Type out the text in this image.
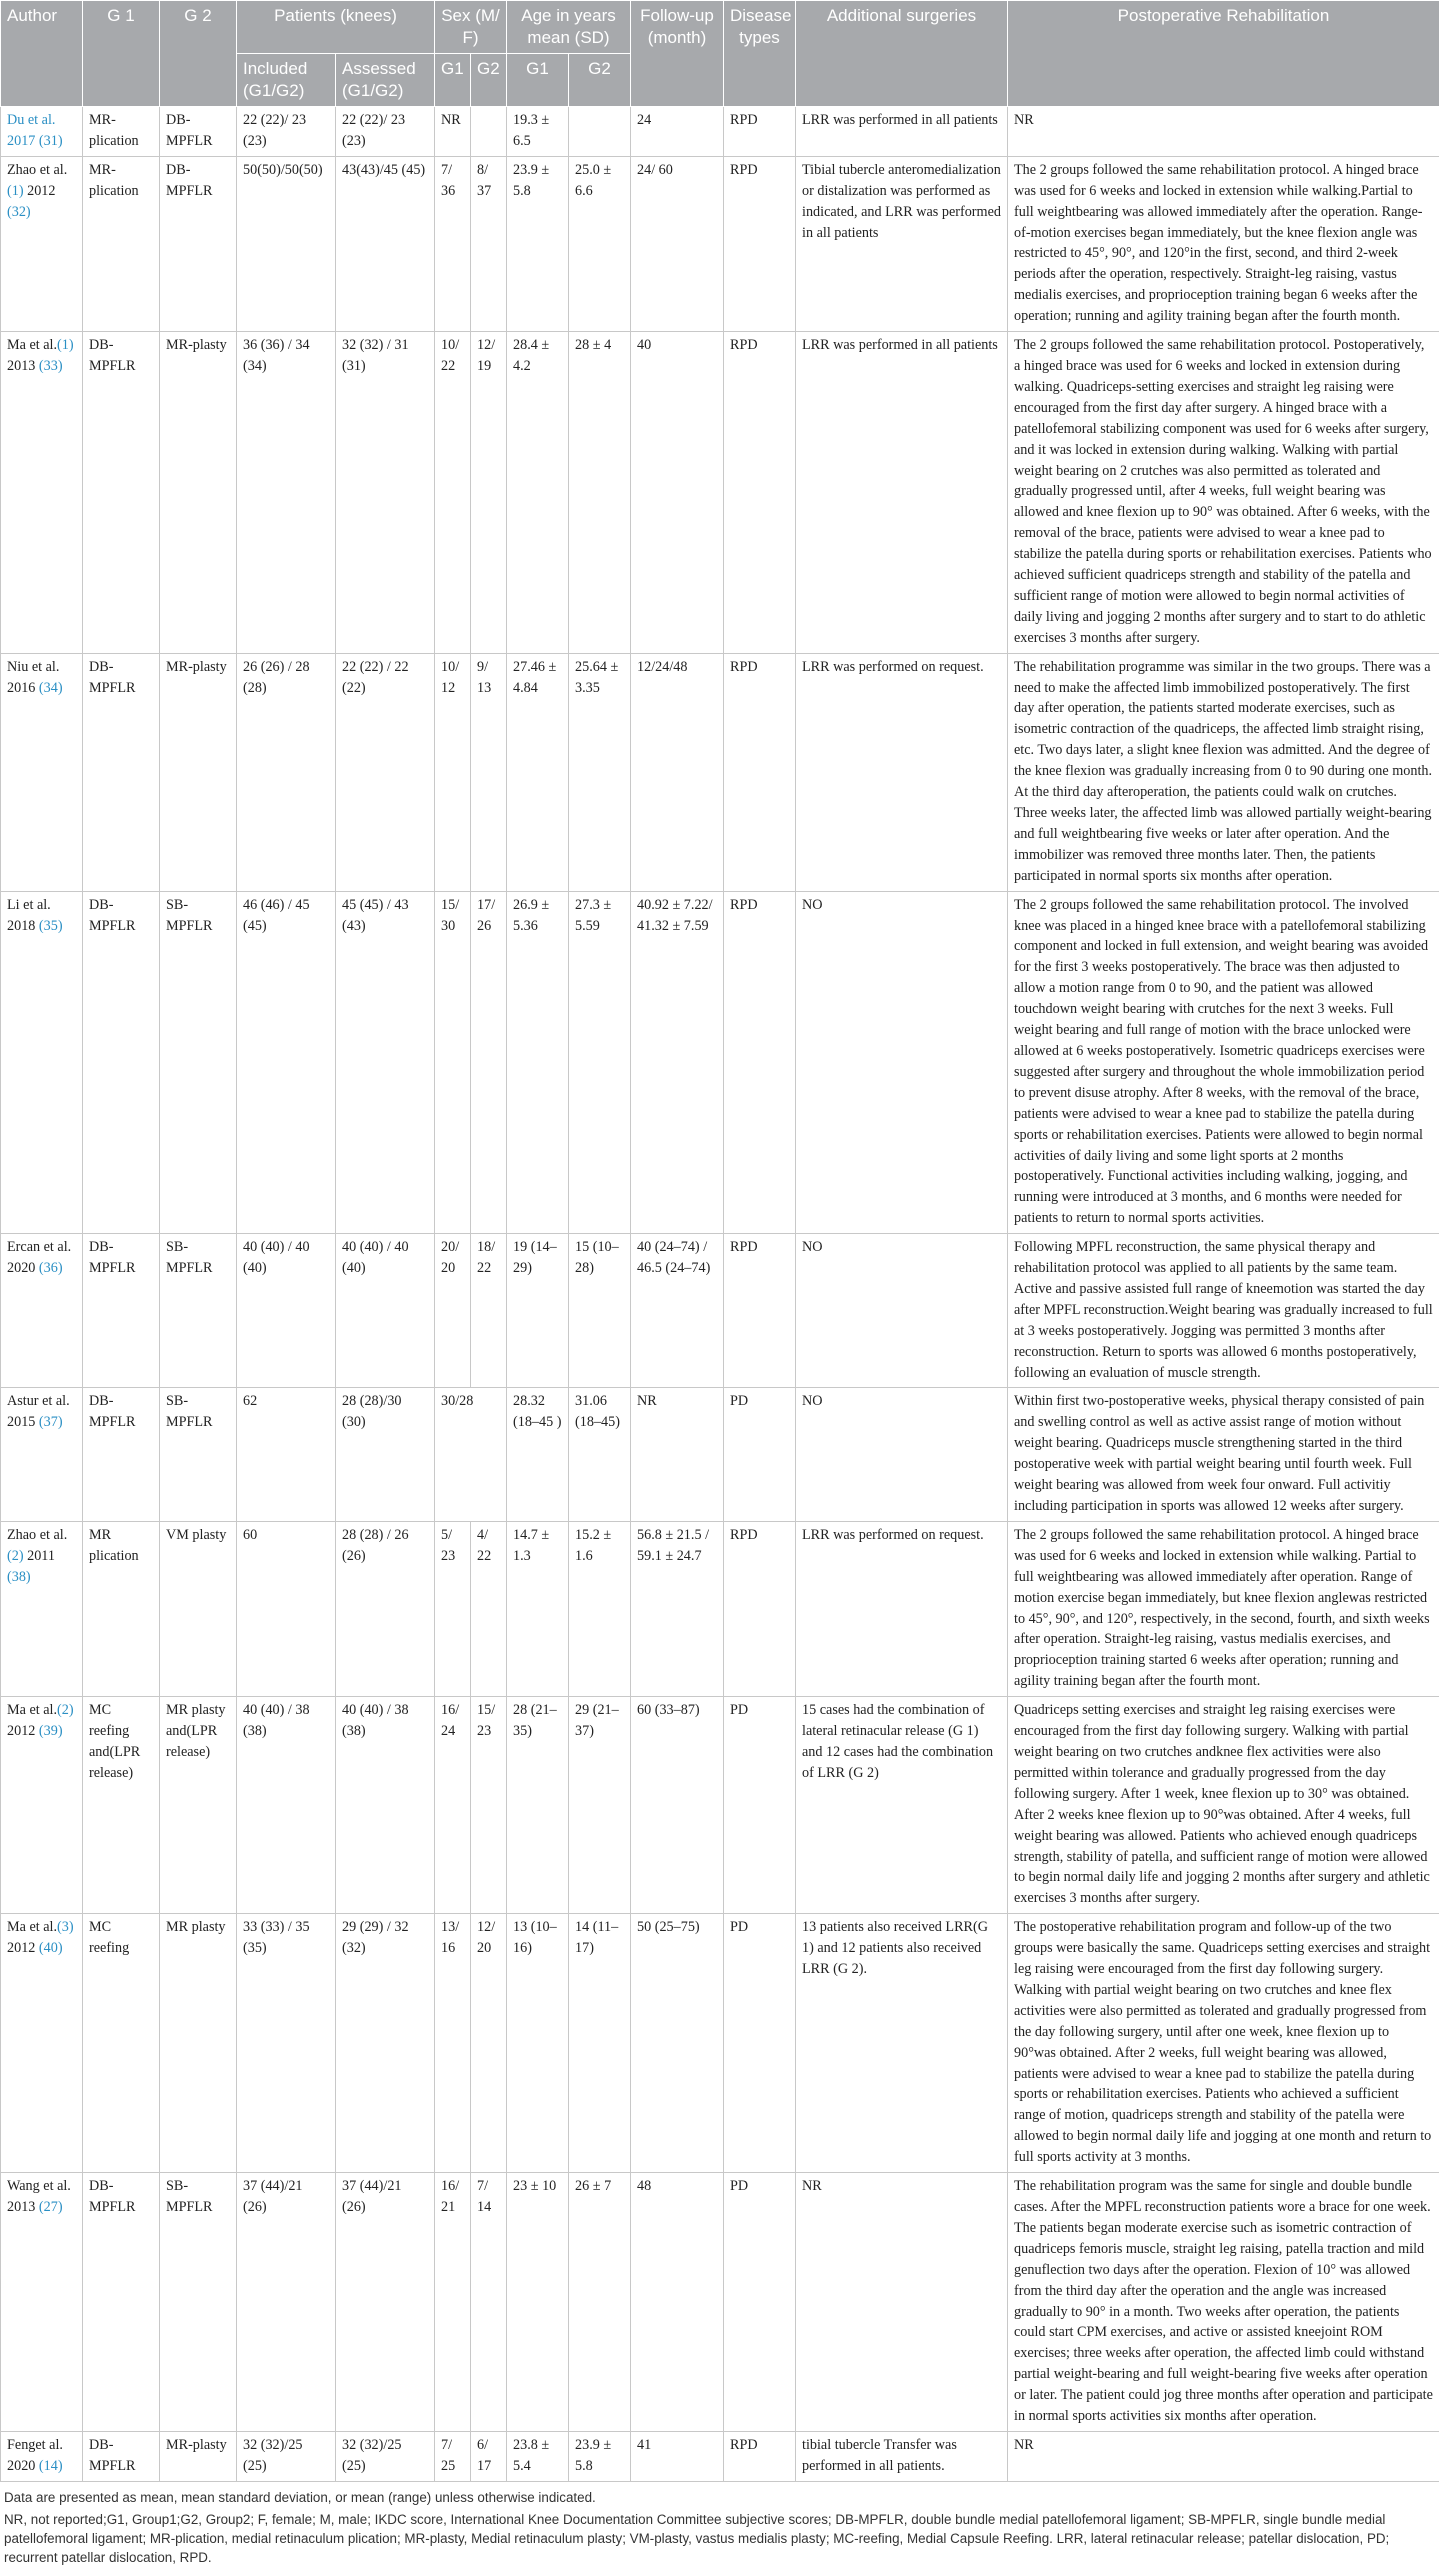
Author	G 1	G 2	Patients (knees)		Sex (M/ F)		Age in years mean (SD)		Follow-up (month)	Disease types	Additional surgeries	Postoperative Rehabilitation
			Included (G1/G2)	Assessed (G1/G2)	G1	G2	G1	G2				
Du et al. 2017 (31)	MR-plication	DB-MPFLR	22 (22)/ 23 (23)	22 (22)/ 23 (23)	NR		19.3 ± 6.5		24	RPD	LRR was performed in all patients	NR
Zhao et al.(1) 2012 (32)	MR-plication	DB-MPFLR	50(50)/50(50)	43(43)/45 (45)	7/ 36	8/ 37	23.9 ± 5.8	25.0 ± 6.6	24/ 60	RPD	Tibial tubercle anteromedialization or distalization was performed as indicated, and LRR was performed in all patients	The 2 groups followed the same rehabilitation protocol. A hinged brace was used for 6 weeks and locked in extension while walking.Partial to full weightbearing was allowed immediately after the operation. Range-of-motion exercises began immediately, but the knee flexion angle was restricted to 45°, 90°, and 120°in the first, second, and third 2-week periods after the operation, respectively. Straight-leg raising, vastus medialis exercises, and proprioception training began 6 weeks after the operation; running and agility training began after the fourth month.
Ma et al.(1) 2013 (33)	DB-MPFLR	MR-plasty	36 (36) / 34 (34)	32 (32) / 31 (31)	10/ 22	12/ 19	28.4 ± 4.2	28 ± 4	40	RPD	LRR was performed in all patients	The 2 groups followed the same rehabilitation protocol. Postoperatively, a hinged brace was used for 6 weeks and locked in extension during walking. Quadriceps-setting exercises and straight leg raising were encouraged from the first day after surgery. A hinged brace with a patellofemoral stabilizing component was used for 6 weeks after surgery, and it was locked in extension during walking. Walking with partial weight bearing on 2 crutches was also permitted as tolerated and gradually progressed until, after 4 weeks, full weight bearing was allowed and knee flexion up to 90° was obtained. After 6 weeks, with the removal of the brace, patients were advised to wear a knee pad to stabilize the patella during sports or rehabilitation exercises. Patients who achieved sufficient quadriceps strength and stability of the patella and sufficient range of motion were allowed to begin normal activities of daily living and jogging 2 months after surgery and to start to do athletic exercises 3 months after surgery.
Niu et al. 2016 (34)	DB-MPFLR	MR-plasty	26 (26) / 28 (28)	22 (22) / 22 (22)	10/ 12	9/ 13	27.46 ± 4.84	25.64 ± 3.35	12/24/48	RPD	LRR was performed on request.	The rehabilitation programme was similar in the two groups. There was a need to make the affected limb immobilized postoperatively. The first day after operation, the patients started moderate exercises, such as isometric contraction of the quadriceps, the affected limb straight rising, etc. Two days later, a slight knee flexion was admitted. And the degree of the knee flexion was gradually increasing from 0 to 90 during one month. At the third day afteroperation, the patients could walk on crutches. Three weeks later, the affected limb was allowed partially weight-bearing and full weightbearing five weeks or later after operation. And the immobilizer was removed three months later. Then, the patients participated in normal sports six months after operation.
Li et al. 2018 (35)	DB-MPFLR	SB-MPFLR	46 (46) / 45 (45)	45 (45) / 43 (43)	15/ 30	17/ 26	26.9 ± 5.36	27.3 ± 5.59	40.92 ± 7.22/ 41.32 ± 7.59	RPD	NO	The 2 groups followed the same rehabilitation protocol. The involved knee was placed in a hinged knee brace with a patellofemoral stabilizing component and locked in full extension, and weight bearing was avoided for the first 3 weeks postoperatively. The brace was then adjusted to allow a motion range from 0 to 90, and the patient was allowed touchdown weight bearing with crutches for the next 3 weeks. Full weight bearing and full range of motion with the brace unlocked were allowed at 6 weeks postoperatively. Isometric quadriceps exercises were suggested after surgery and throughout the whole immobilization period to prevent disuse atrophy. After 8 weeks, with the removal of the brace, patients were advised to wear a knee pad to stabilize the patella during sports or rehabilitation exercises. Patients were allowed to begin normal activities of daily living and some light sports at 2 months postoperatively. Functional activities including walking, jogging, and running were introduced at 3 months, and 6 months were needed for patients to return to normal sports activities.
Ercan et al. 2020 (36)	DB-MPFLR	SB-MPFLR	40 (40) / 40 (40)	40 (40) / 40 (40)	20/ 20	18/ 22	19 (14–29)	15 (10–28)	40 (24–74) / 46.5 (24–74)	RPD	NO	Following MPFL reconstruction, the same physical therapy and rehabilitation protocol was applied to all patients by the same team. Active and passive assisted full range of kneemotion was started the day after MPFL reconstruction.Weight bearing was gradually increased to full at 3 weeks postoperatively. Jogging was permitted 3 months after reconstruction. Return to sports was allowed 6 months postoperatively, following an evaluation of muscle strength.
Astur et al. 2015 (37)	DB-MPFLR	SB-MPFLR	62	28 (28)/30 (30)	30/28		28.32 (18–45 )	31.06 (18–45)	NR	PD	NO	Within first two-postoperative weeks, physical therapy consisted of pain and swelling control as well as active assist range of motion without weight bearing. Quadriceps muscle strengthening started in the third postoperative week with partial weight bearing until fourth week. Full weight bearing was allowed from week four onward. Full activitiy including participation in sports was allowed 12 weeks after surgery.
Zhao et al.(2) 2011 (38)	MR plication	VM plasty	60	28 (28) / 26 (26)	5/ 23	4/ 22	14.7 ± 1.3	15.2 ± 1.6	56.8 ± 21.5 / 59.1 ± 24.7	RPD	LRR was performed on request.	The 2 groups followed the same rehabilitation protocol. A hinged brace was used for 6 weeks and locked in extension while walking. Partial to full weightbearing was allowed immediately after operation. Range of motion exercise began immediately, but knee flexion anglewas restricted to 45°, 90°, and 120°, respectively, in the second, fourth, and sixth weeks after operation. Straight-leg raising, vastus medialis exercises, and proprioception training started 6 weeks after operation; running and agility training began after the fourth mont.
Ma et al.(2) 2012 (39)	MC reefing and(LPR release)	MR plasty and(LPR release)	40 (40) / 38 (38)	40 (40) / 38 (38)	16/ 24	15/ 23	28 (21–35)	29 (21–37)	60 (33–87)	PD	15 cases had the combination of lateral retinacular release (G 1) and 12 cases had the combination of LRR (G 2)	Quadriceps setting exercises and straight leg raising exercises were encouraged from the first day following surgery. Walking with partial weight bearing on two crutches andknee flex activities were also permitted within tolerance and gradually progressed from the day following surgery. After 1 week, knee flexion up to 30° was obtained. After 2 weeks knee flexion up to 90°was obtained. After 4 weeks, full weight bearing was allowed. Patients who achieved enough quadriceps strength, stability of patella, and sufficient range of motion were allowed to begin normal daily life and jogging 2 months after surgery and athletic exercises 3 months after surgery.
Ma et al.(3) 2012 (40)	MC reefing	MR plasty	33 (33) / 35 (35)	29 (29) / 32 (32)	13/ 16	12/ 20	13 (10–16)	14 (11–17)	50 (25–75)	PD	13 patients also received LRR(G 1) and 12 patients also received LRR (G 2).	The postoperative rehabilitation program and follow-up of the two groups were basically the same. Quadriceps setting exercises and straight leg raising were encouraged from the first day following surgery. Walking with partial weight bearing on two crutches and knee flex activities were also permitted as tolerated and gradually progressed from the day following surgery, until after one week, knee flexion up to 90°was obtained. After 2 weeks, full weight bearing was allowed, patients were advised to wear a knee pad to stabilize the patella during sports or rehabilitation exercises. Patients who achieved a sufficient range of motion, quadriceps strength and stability of the patella were allowed to begin normal daily life and jogging at one month and return to full sports activity at 3 months.
Wang et al. 2013 (27)	DB-MPFLR	SB-MPFLR	37 (44)/21 (26)	37 (44)/21 (26)	16/ 21	7/ 14	23 ± 10	26 ± 7	48	PD	NR	The rehabilitation program was the same for single and double bundle cases. After the MPFL reconstruction patients wore a brace for one week. The patients began moderate exercise such as isometric contraction of quadriceps femoris muscle, straight leg raising, patella traction and mild genuflection two days after the operation. Flexion of 10° was allowed from the third day after the operation and the angle was increased gradually to 90° in a month. Two weeks after operation, the patients could start CPM exercises, and active or assisted kneejoint ROM exercises; three weeks after operation, the affected limb could withstand partial weight-bearing and full weight-bearing five weeks after operation or later. The patient could jog three months after operation and participate in normal sports activities six months after operation.
Fenget al. 2020 (14)	DB-MPFLR	MR-plasty	32 (32)/25 (25)	32 (32)/25 (25)	7/ 25	6/ 17	23.8 ± 5.4	23.9 ± 5.8	41	RPD	tibial tubercle Transfer was performed in all patients.	NR

Data are presented as mean, mean standard deviation, or mean (range) unless otherwise indicated.

NR, not reported;G1, Group1;G2, Group2; F, female; M, male; IKDC score, International Knee Documentation Committee subjective scores; DB-MPFLR, double bundle medial patellofemoral ligament; SB-MPFLR, single bundle medial patellofemoral ligament; MR-plication, medial retinaculum plication; MR-plasty, Medial retinaculum plasty; VM-plasty, vastus medialis plasty; MC-reefing, Medial Capsule Reefing. LRR, lateral retinacular release; patellar dislocation, PD; recurrent patellar dislocation, RPD.
